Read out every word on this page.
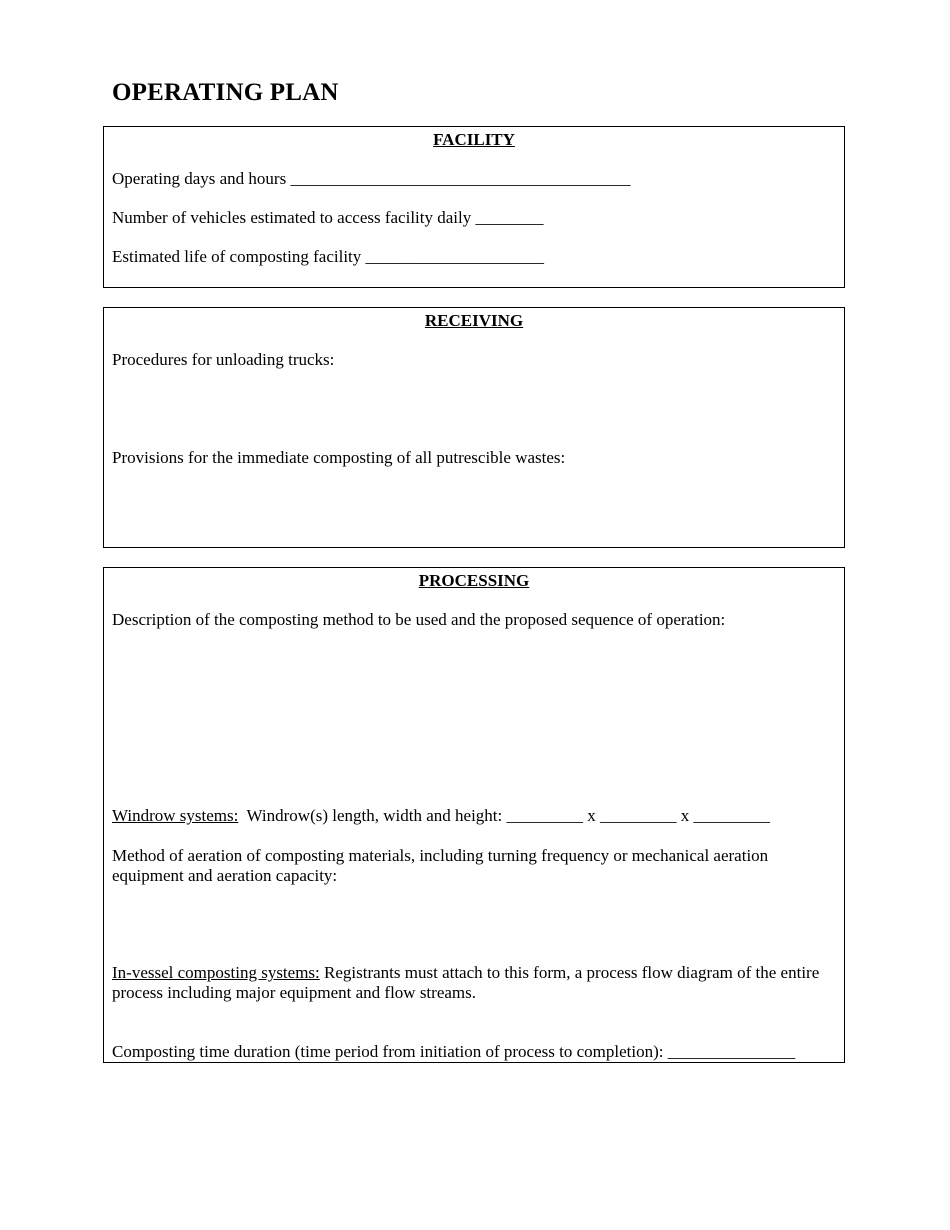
OPERATING PLAN
FACILITY
Operating days and hours ________________________________________
Number of vehicles estimated to access facility daily ________
Estimated life of composting facility _____________________
RECEIVING
Procedures for unloading trucks:
Provisions for the immediate composting of all putrescible wastes:
PROCESSING
Description of the composting method to be used and the proposed sequence of operation:
Windrow systems: Windrow(s) length, width and height: _________ x _________ x _________
Method of aeration of composting materials, including turning frequency or mechanical aeration equipment and aeration capacity:
In-vessel composting systems: Registrants must attach to this form, a process flow diagram of the entire process including major equipment and flow streams.
Composting time duration (time period from initiation of process to completion): _______________
